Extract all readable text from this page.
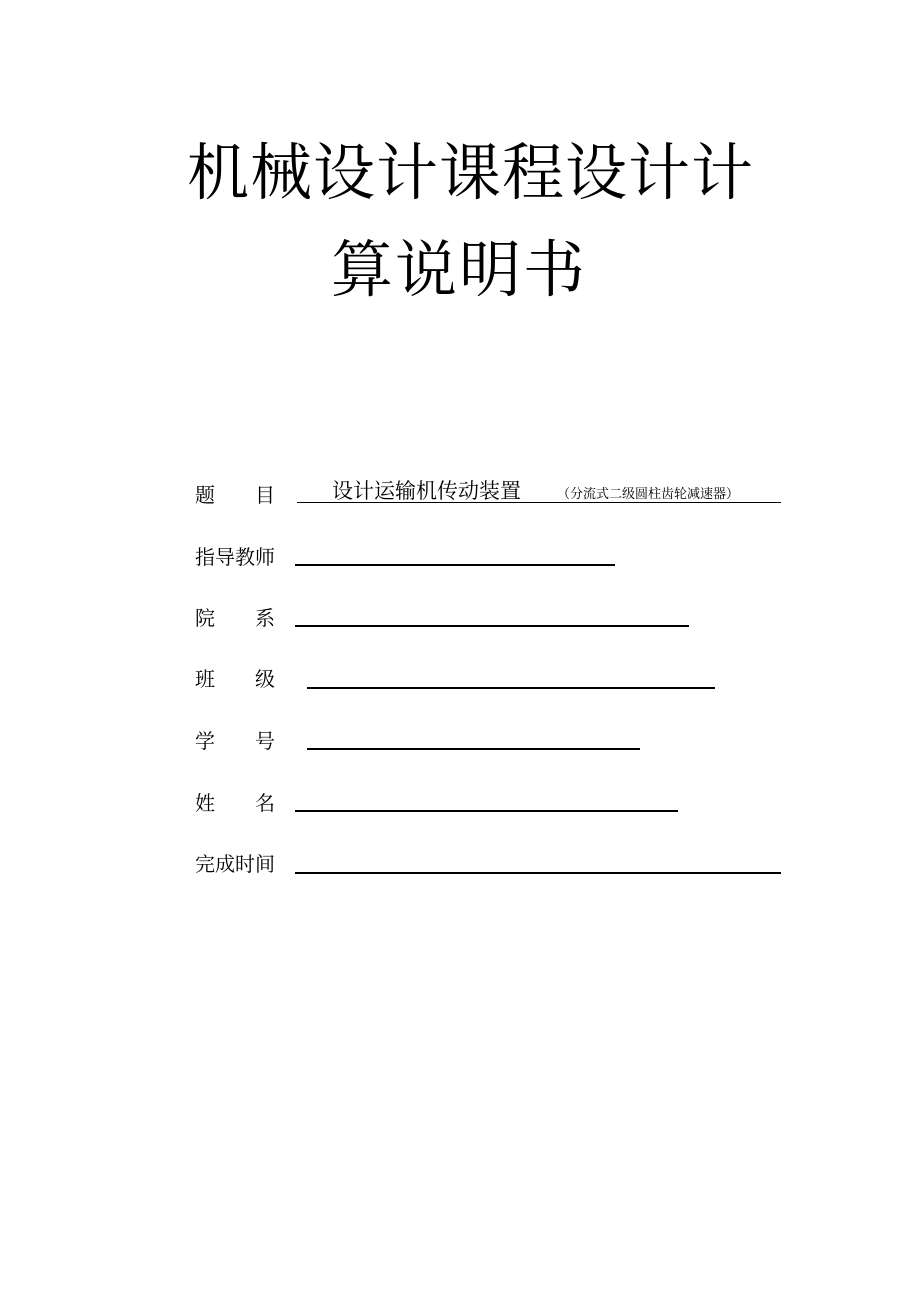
机械设计课程设计计
算说明书
题　　目	设计运输机传动装置	（分流式二级圆柱齿轮减速器）
指导教师
院　　系
班　　级
学　　号
姓　　名
完成时间
